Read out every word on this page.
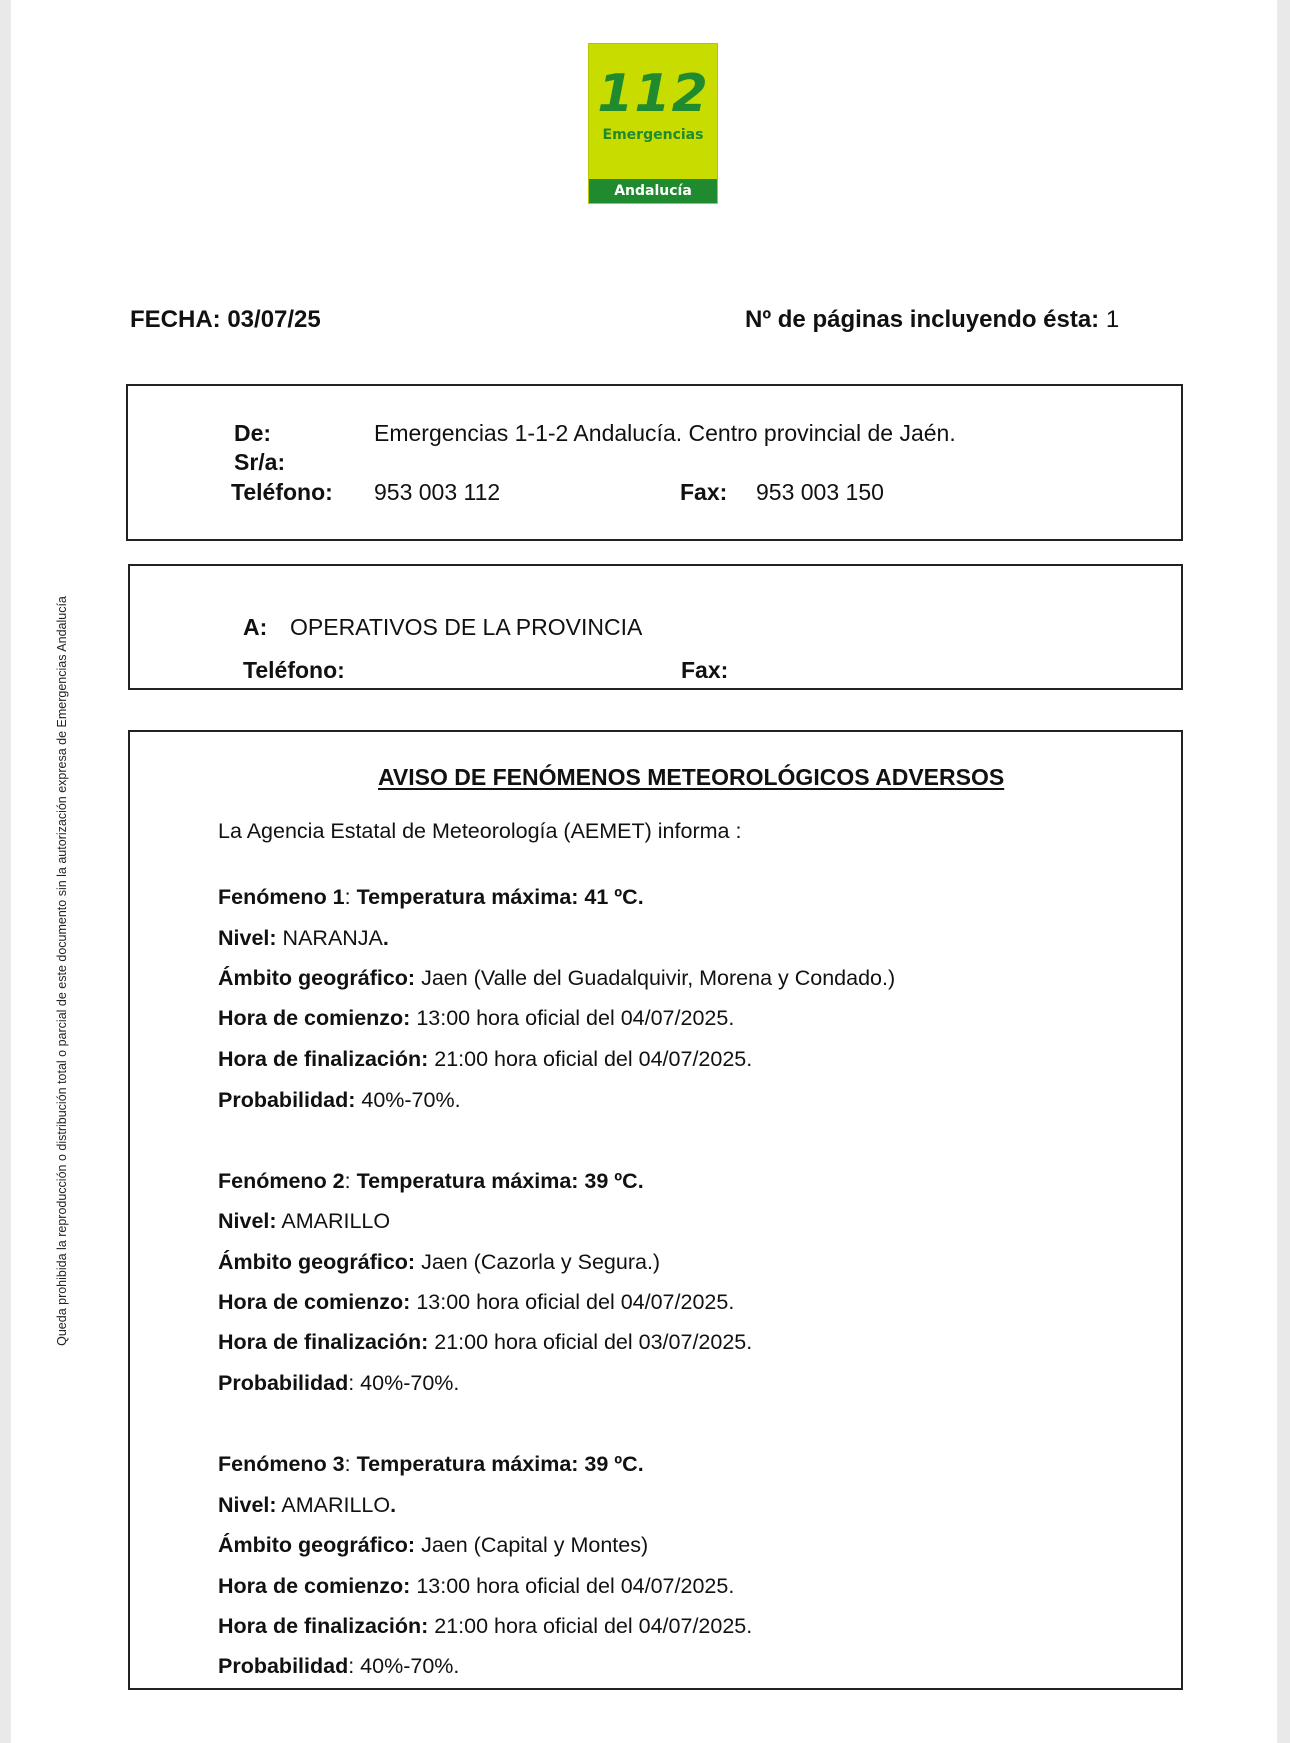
112
Emergencias
Andalucía
FECHA: 03/07/25	Nº de páginas incluyendo ésta: 1
De:	Emergencias 1-1-2 Andalucía. Centro provincial de Jaén.
Sr/a:
Teléfono: 953 003 112	Fax: 953 003 150
A: OPERATIVOS DE LA PROVINCIA
Teléfono:	Fax:
AVISO DE FENÓMENOS METEOROLÓGICOS ADVERSOS
La Agencia Estatal de Meteorología (AEMET) informa :
Fenómeno 1: Temperatura máxima: 41 ºC.
Nivel: NARANJA.
Ámbito geográfico: Jaen (Valle del Guadalquivir, Morena y Condado.)
Hora de comienzo: 13:00 hora oficial del 04/07/2025.
Hora de finalización: 21:00 hora oficial del 04/07/2025.
Probabilidad: 40%-70%.
Fenómeno 2: Temperatura máxima: 39 ºC.
Nivel: AMARILLO
Ámbito geográfico: Jaen (Cazorla y Segura.)
Hora de comienzo: 13:00 hora oficial del 04/07/2025.
Hora de finalización: 21:00 hora oficial del 03/07/2025.
Probabilidad: 40%-70%.
Fenómeno 3: Temperatura máxima: 39 ºC.
Nivel: AMARILLO.
Ámbito geográfico: Jaen (Capital y Montes)
Hora de comienzo: 13:00 hora oficial del 04/07/2025.
Hora de finalización: 21:00 hora oficial del 04/07/2025.
Probabilidad: 40%-70%.
Queda prohibida la reproducción o distribución total o parcial de este documento sin la autorización expresa de Emergencias Andalucía
